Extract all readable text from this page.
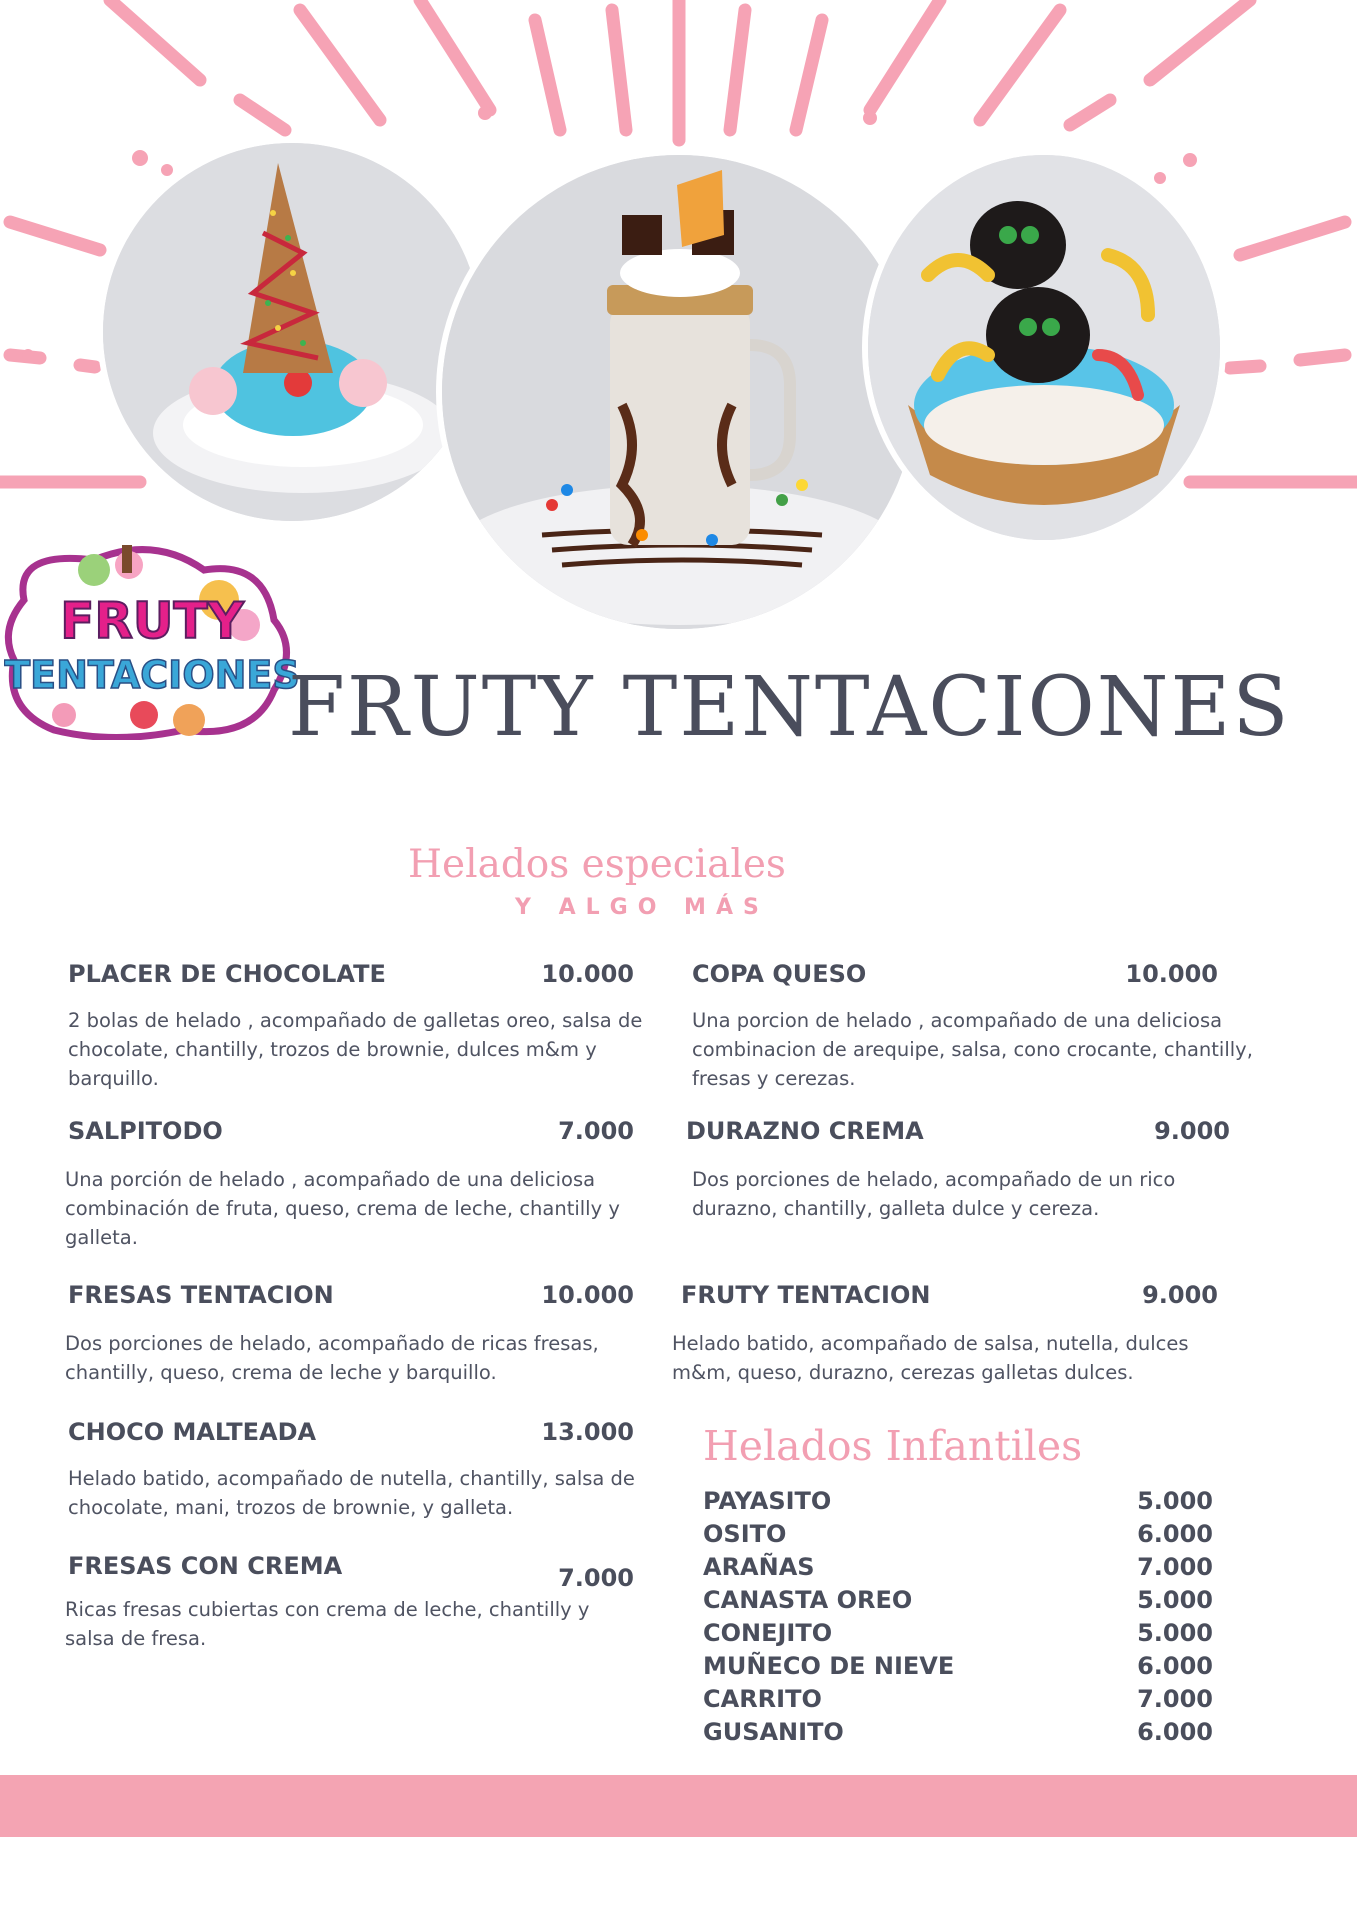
FRUTY
TENTACIONES
FRUTY TENTACIONES
Helados especiales
Y ALGO MÁS
PLACER DE CHOCOLATE	10.000
2 bolas de helado , acompañado de galletas oreo, salsa de chocolate, chantilly, trozos de brownie, dulces m&m y barquillo.
SALPITODO	7.000
Una porción de helado , acompañado de una deliciosa combinación de fruta, queso, crema de leche, chantilly y galleta.
FRESAS TENTACION	10.000
Dos porciones de helado, acompañado de ricas fresas, chantilly, queso, crema de leche y barquillo.
CHOCO MALTEADA	13.000
Helado batido, acompañado de nutella, chantilly, salsa de chocolate, mani, trozos de brownie, y galleta.
FRESAS CON CREMA	7.000
Ricas fresas cubiertas con crema de leche, chantilly y salsa de fresa.
COPA QUESO	10.000
Una porcion de helado , acompañado de una deliciosa combinacion de arequipe, salsa, cono crocante, chantilly, fresas y cerezas.
DURAZNO CREMA	9.000
Dos porciones de helado, acompañado de un rico durazno, chantilly, galleta dulce y cereza.
FRUTY TENTACION	9.000
Helado batido, acompañado de salsa, nutella, dulces m&m, queso, durazno, cerezas galletas dulces.
Helados Infantiles
PAYASITO	5.000
OSITO	6.000
ARAÑAS	7.000
CANASTA OREO	5.000
CONEJITO	5.000
MUÑECO DE NIEVE	6.000
CARRITO	7.000
GUSANITO	6.000
